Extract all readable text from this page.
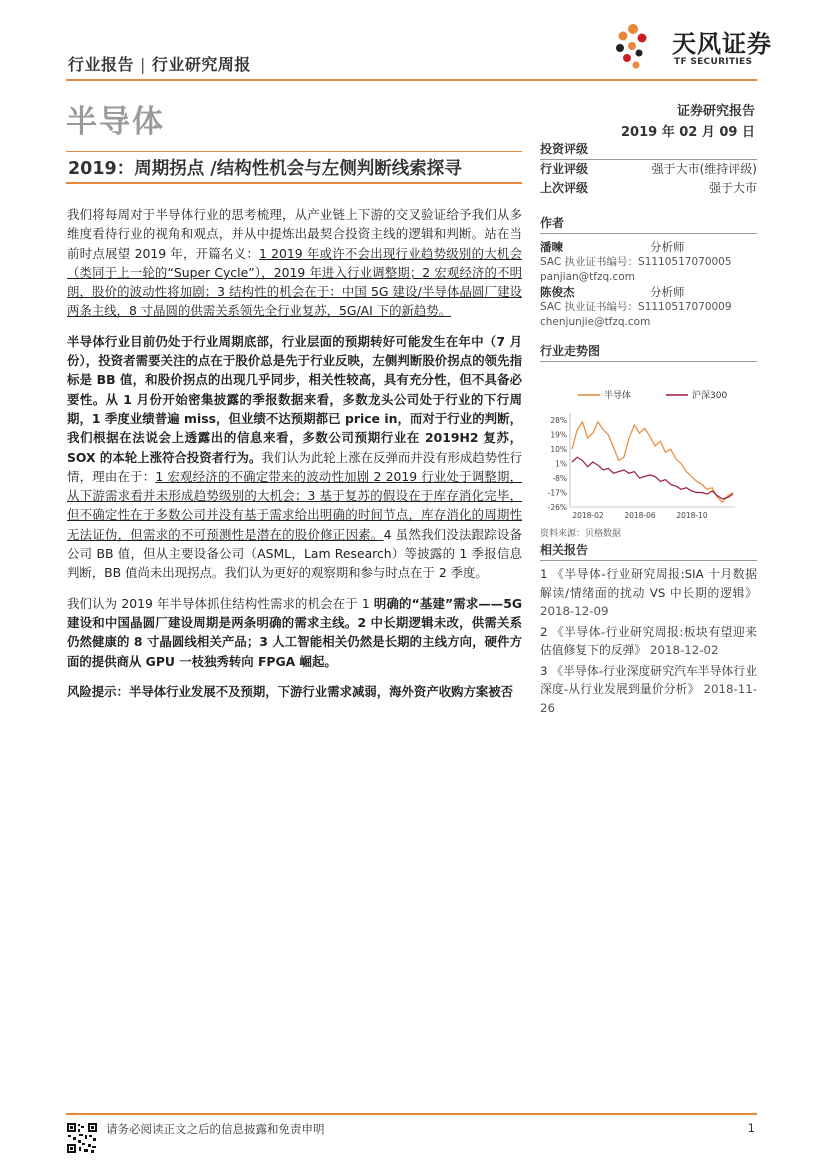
行业报告 | 行业研究周报
天风证券
TF SECURITIES
半导体	证券研究报告
2019 年 02 月 09 日
2019：周期拐点 /结构性机会与左侧判断线索探寻

我们将每周对于半导体行业的思考梳理，从产业链上下游的交叉验证给予我们从多维度看待行业的视角和观点，并从中提炼出最契合投资主线的逻辑和判断。站在当前时点展望 2019 年，开篇名义：1 2019 年或许不会出现行业趋势级别的大机会（类同于上一轮的“Super Cycle”），2019 年进入行业调整期；2 宏观经济的不明朗，股价的波动性将加剧；3 结构性的机会在于：中国 5G 建设/半导体晶圆厂建设两条主线，8 寸晶圆的供需关系领先全行业复苏，5G/AI 下的新趋势。

半导体行业目前仍处于行业周期底部，行业层面的预期转好可能发生在年中（7 月份），投资者需要关注的点在于股价总是先于行业反映，左侧判断股价拐点的领先指标是 BB 值，和股价拐点的出现几乎同步，相关性较高，具有充分性，但不具备必要性。从 1 月份开始密集披露的季报数据来看，多数龙头公司处于行业的下行周期，1 季度业绩普遍 miss，但业绩不达预期都已 price in，而对于行业的判断，我们根据在法说会上透露出的信息来看，多数公司预期行业在 2019H2 复苏，SOX 的本轮上涨符合投资者行为。我们认为此轮上涨在反弹而并没有形成趋势性行情，理由在于：1 宏观经济的不确定带来的波动性加剧 2 2019 行业处于调整期，从下游需求看并未形成趋势级别的大机会；3 基于复苏的假设在于库存消化完毕，但不确定性在于多数公司并没有基于需求给出明确的时间节点，库存消化的周期性无法证伪，但需求的不可预测性是潜在的股价修正因素。4 虽然我们没法跟踪设备公司 BB 值，但从主要设备公司（ASML，Lam Research）等披露的 1 季报信息判断，BB 值尚未出现拐点。我们认为更好的观察期和参与时点在于 2 季度。

我们认为 2019 年半导体抓住结构性需求的机会在于 1 明确的“基建”需求——5G 建设和中国晶圆厂建设周期是两条明确的需求主线。2 中长期逻辑未改，供需关系仍然健康的 8 寸晶圆线相关产品；3 人工智能相关仍然是长期的主线方向，硬件方面的提供商从 GPU 一枝独秀转向 FPGA 崛起。

风险提示：半导体行业发展不及预期，下游行业需求减弱，海外资产收购方案被否

投资评级
行业评级	强于大市(维持评级)
上次评级	强于大市
作者
潘暕	分析师
SAC 执业证书编号：S1110517070005
panjian@tfzq.com
陈俊杰	分析师
SAC 执业证书编号：S1110517070009
chenjunjie@tfzq.com
行业走势图
半导体	沪深300
28%
19%
10%
1%
-8%
-17%
-26%
2018-02	2018-06	2018-10
资料来源：贝格数据
相关报告
1 《半导体-行业研究周报:SIA 十月数据解读/情绪面的扰动 VS 中长期的逻辑》 2018-12-09
2 《半导体-行业研究周报:板块有望迎来估值修复下的反弹》 2018-12-02
3 《半导体-行业深度研究汽车半导体行业深度-从行业发展到量价分析》 2018-11-26
请务必阅读正文之后的信息披露和免责申明	1
